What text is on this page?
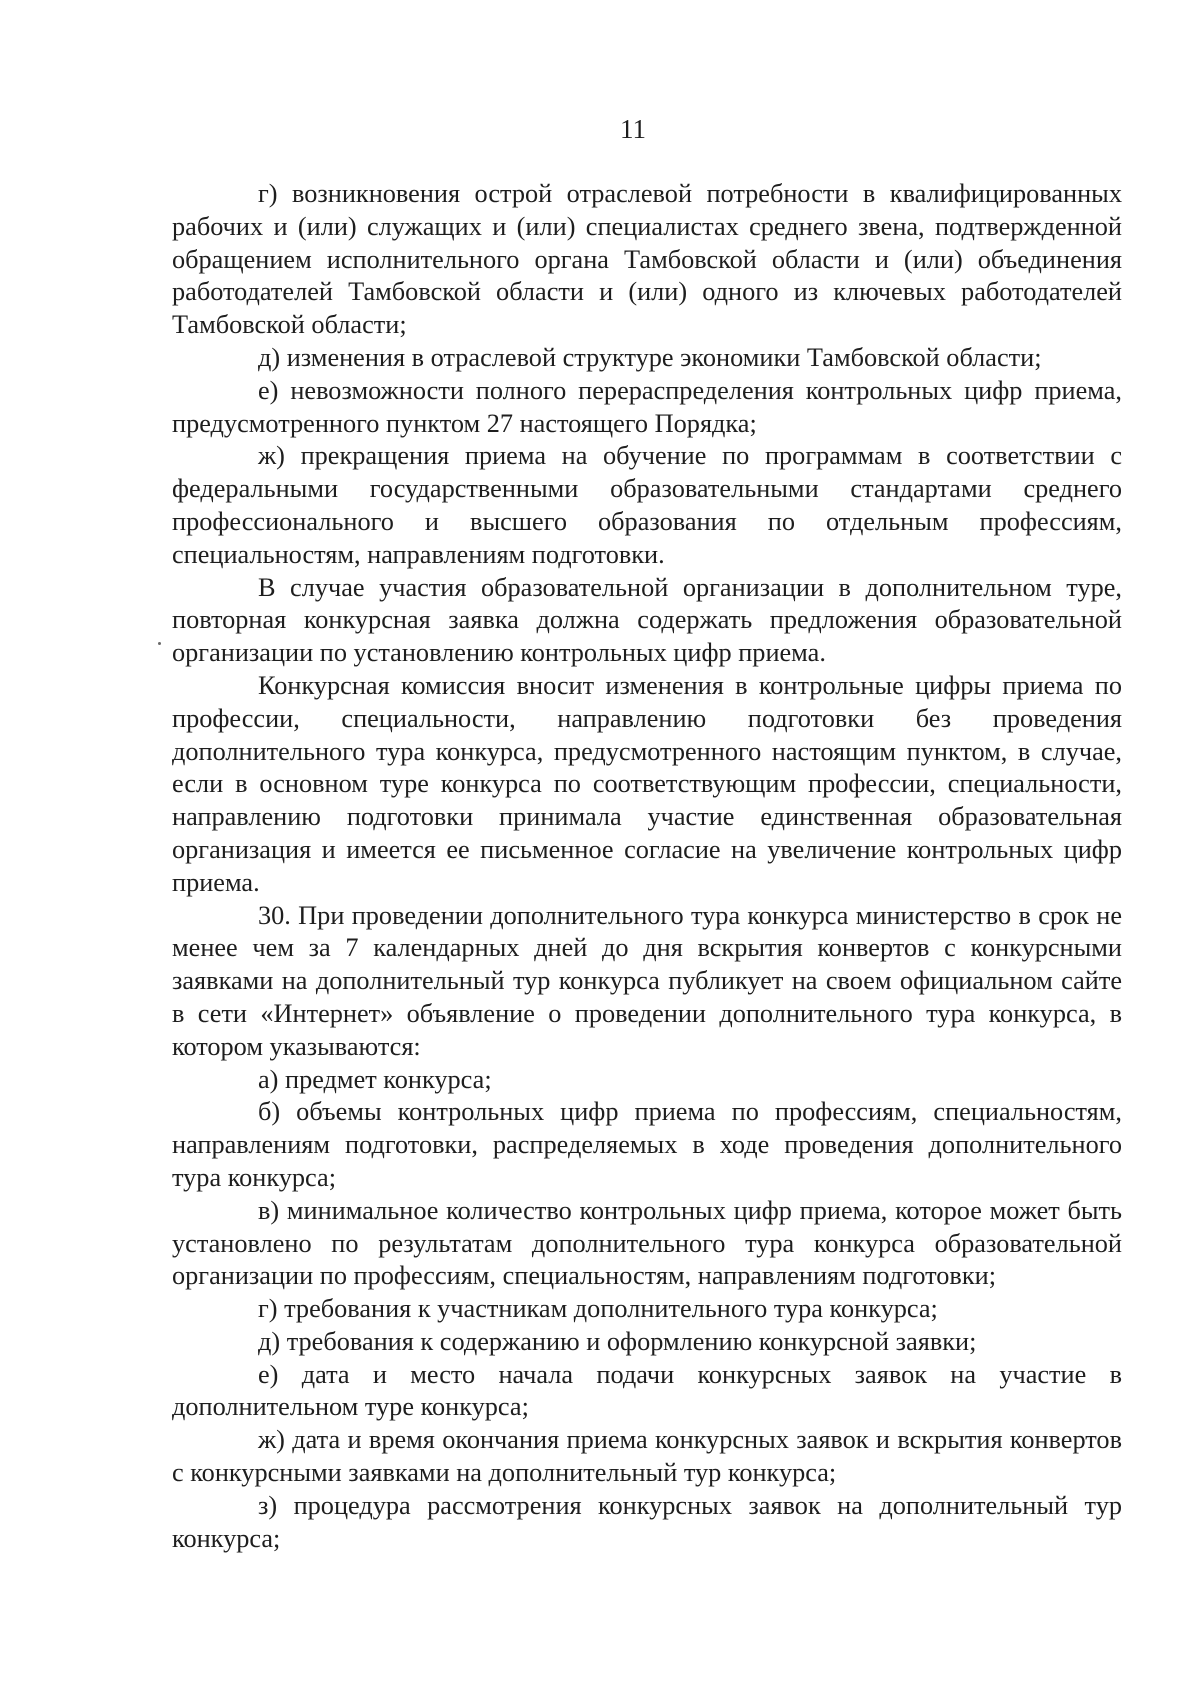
11

г) возникновения острой отраслевой потребности в квалифицированных рабочих и (или) служащих и (или) специалистах среднего звена, подтвержденной обращением исполнительного органа Тамбовской области и (или) объединения работодателей Тамбовской области и (или) одного из ключевых работодателей Тамбовской области;

д) изменения в отраслевой структуре экономики Тамбовской области;

е) невозможности полного перераспределения контрольных цифр приема, предусмотренного пунктом 27 настоящего Порядка;

ж) прекращения приема на обучение по программам в соответствии с федеральными государственными образовательными стандартами среднего профессионального и высшего образования по отдельным профессиям, специальностям, направлениям подготовки.

В случае участия образовательной организации в дополнительном туре, повторная конкурсная заявка должна содержать предложения образовательной организации по установлению контрольных цифр приема.

Конкурсная комиссия вносит изменения в контрольные цифры приема по профессии, специальности, направлению подготовки без проведения дополнительного тура конкурса, предусмотренного настоящим пунктом, в случае, если в основном туре конкурса по соответствующим профессии, специальности, направлению подготовки принимала участие единственная образовательная организация и имеется ее письменное согласие на увеличение контрольных цифр приема.

30. При проведении дополнительного тура конкурса министерство в срок не менее чем за 7 календарных дней до дня вскрытия конвертов с конкурсными заявками на дополнительный тур конкурса публикует на своем официальном сайте в сети «Интернет» объявление о проведении дополнительного тура конкурса, в котором указываются:

а) предмет конкурса;

б) объемы контрольных цифр приема по профессиям, специальностям, направлениям подготовки, распределяемых в ходе проведения дополнительного тура конкурса;

в) минимальное количество контрольных цифр приема, которое может быть установлено по результатам дополнительного тура конкурса образовательной организации по профессиям, специальностям, направлениям подготовки;

г) требования к участникам дополнительного тура конкурса;

д) требования к содержанию и оформлению конкурсной заявки;

е) дата и место начала подачи конкурсных заявок на участие в дополнительном туре конкурса;

ж) дата и время окончания приема конкурсных заявок и вскрытия конвертов с конкурсными заявками на дополнительный тур конкурса;

з) процедура рассмотрения конкурсных заявок на дополнительный тур конкурса;
